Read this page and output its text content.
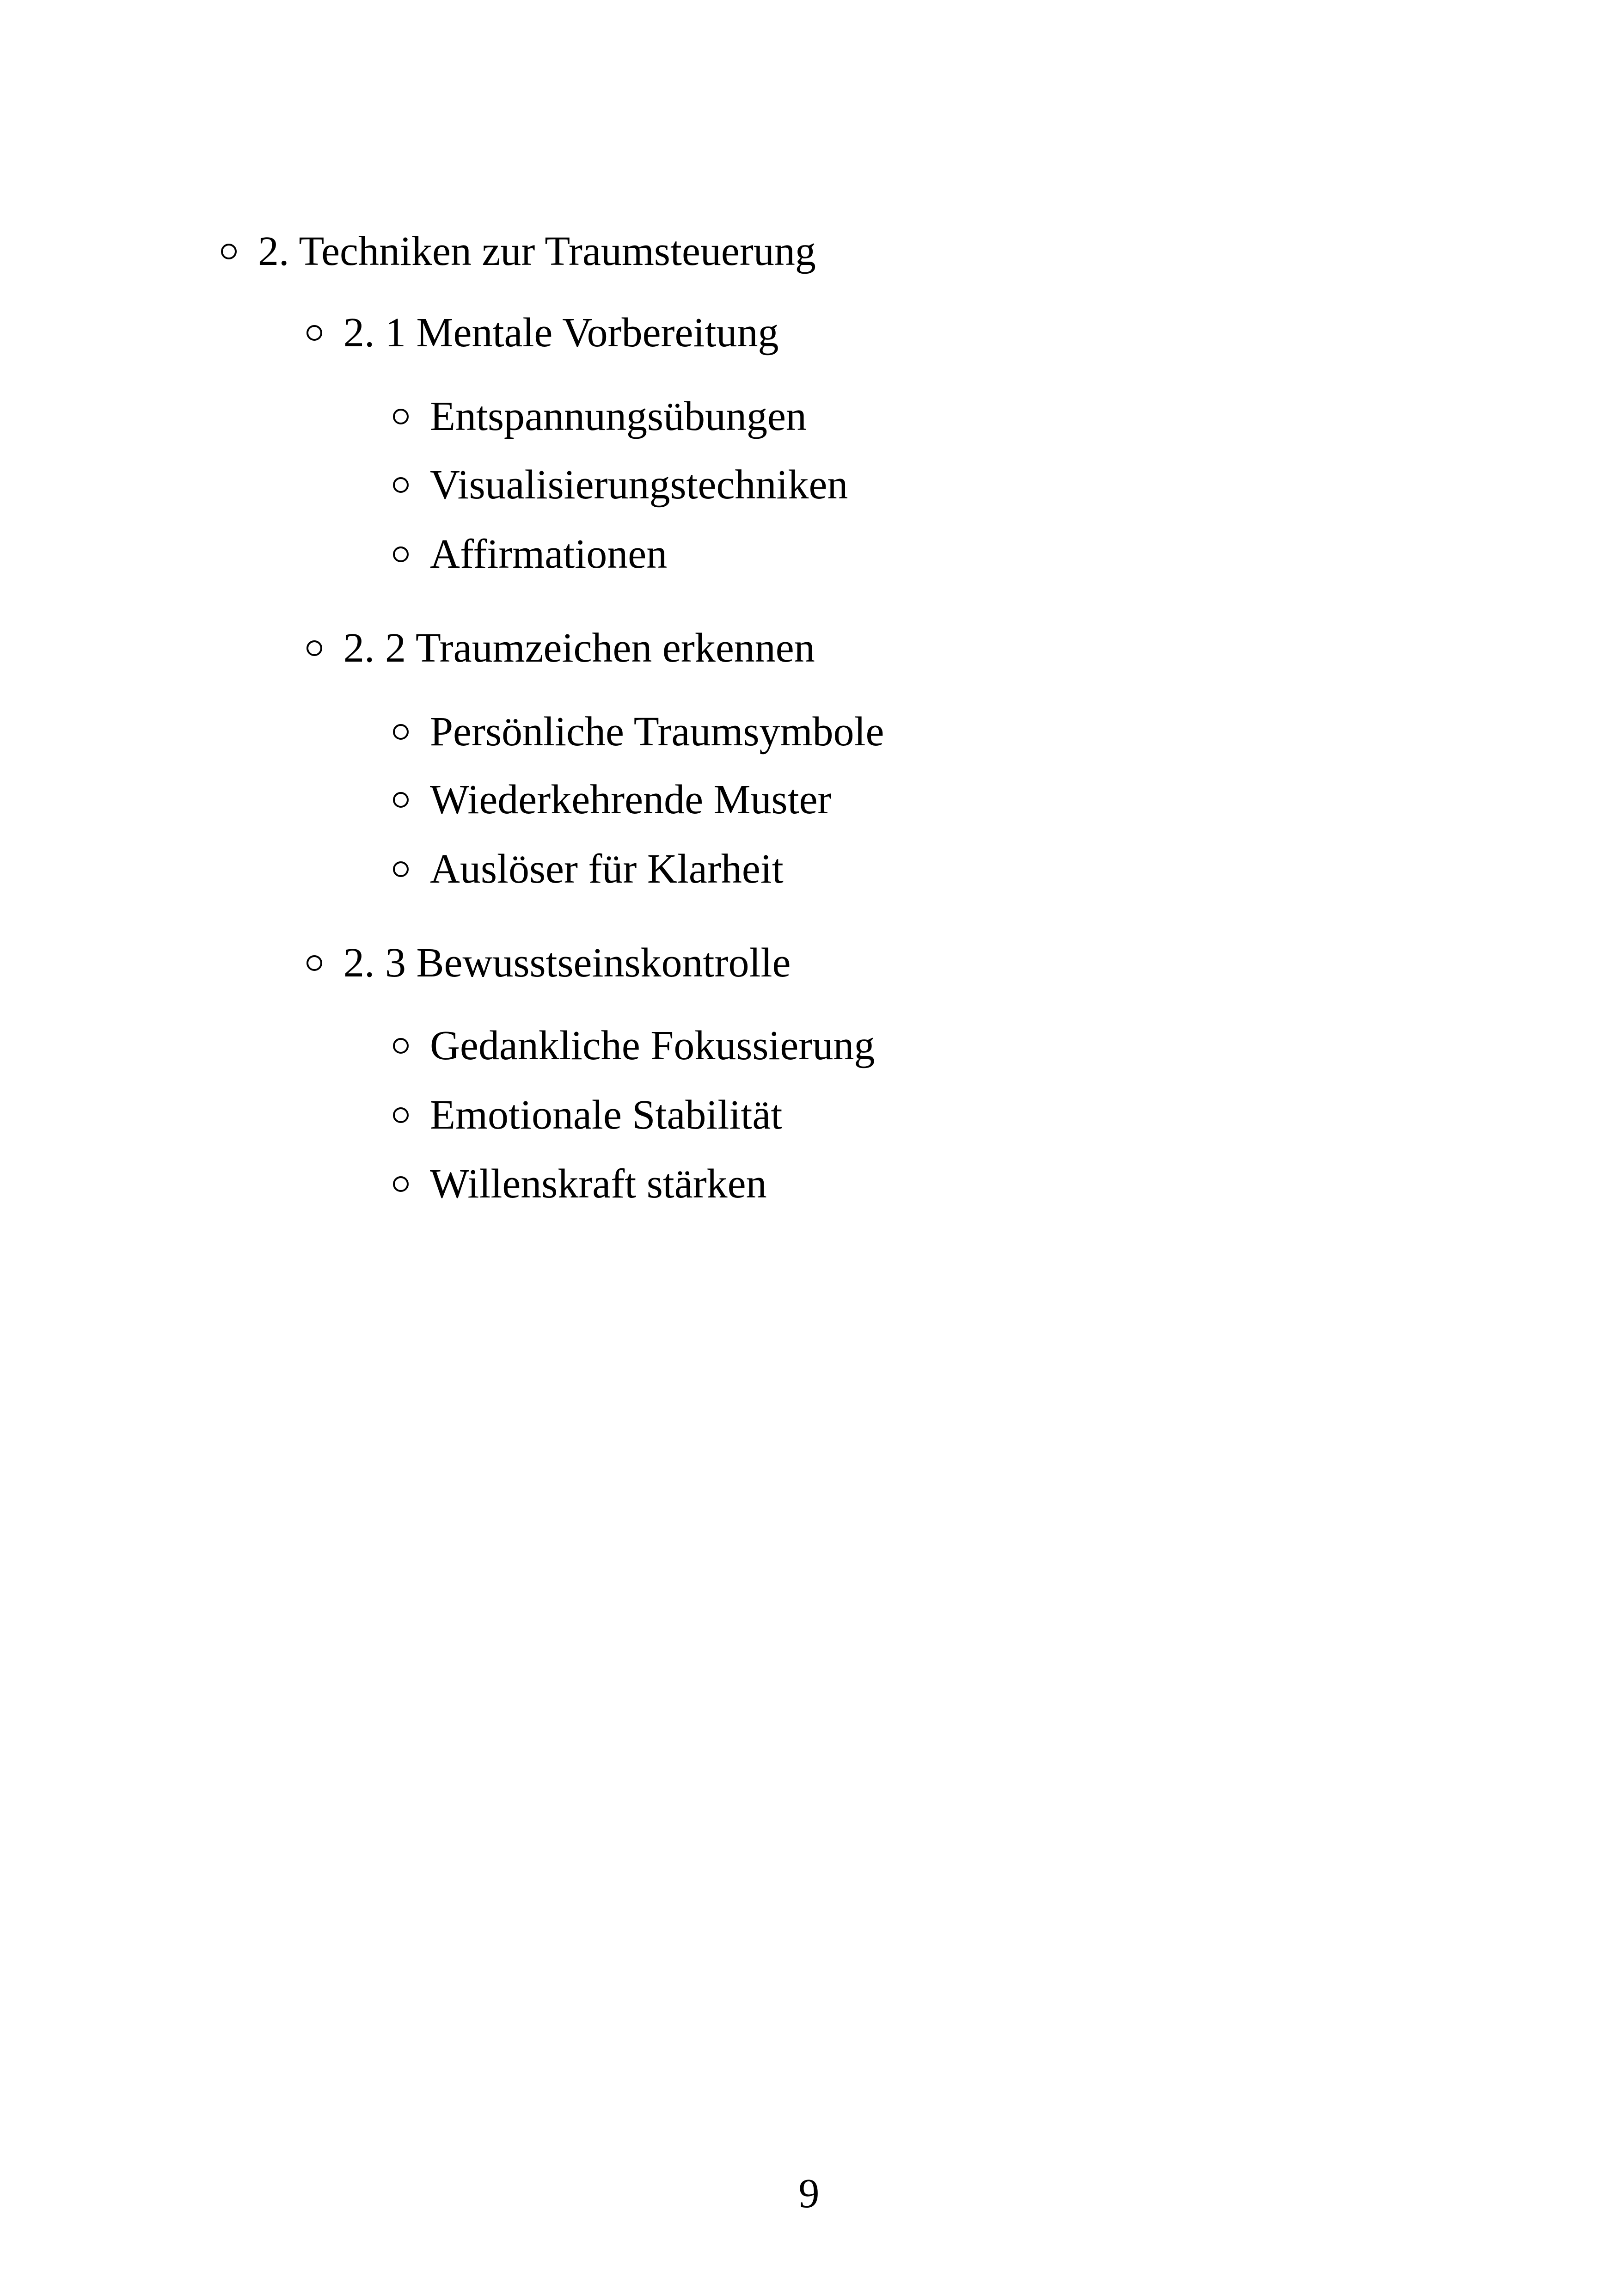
2. Techniken zur Traumsteuerung
2. 1 Mentale Vorbereitung
Entspannungsübungen
Visualisierungstechniken
Affirmationen
2. 2 Traumzeichen erkennen
Persönliche Traumsymbole
Wiederkehrende Muster
Auslöser für Klarheit
2. 3 Bewusstseinskontrolle
Gedankliche Fokussierung
Emotionale Stabilität
Willenskraft stärken
9
